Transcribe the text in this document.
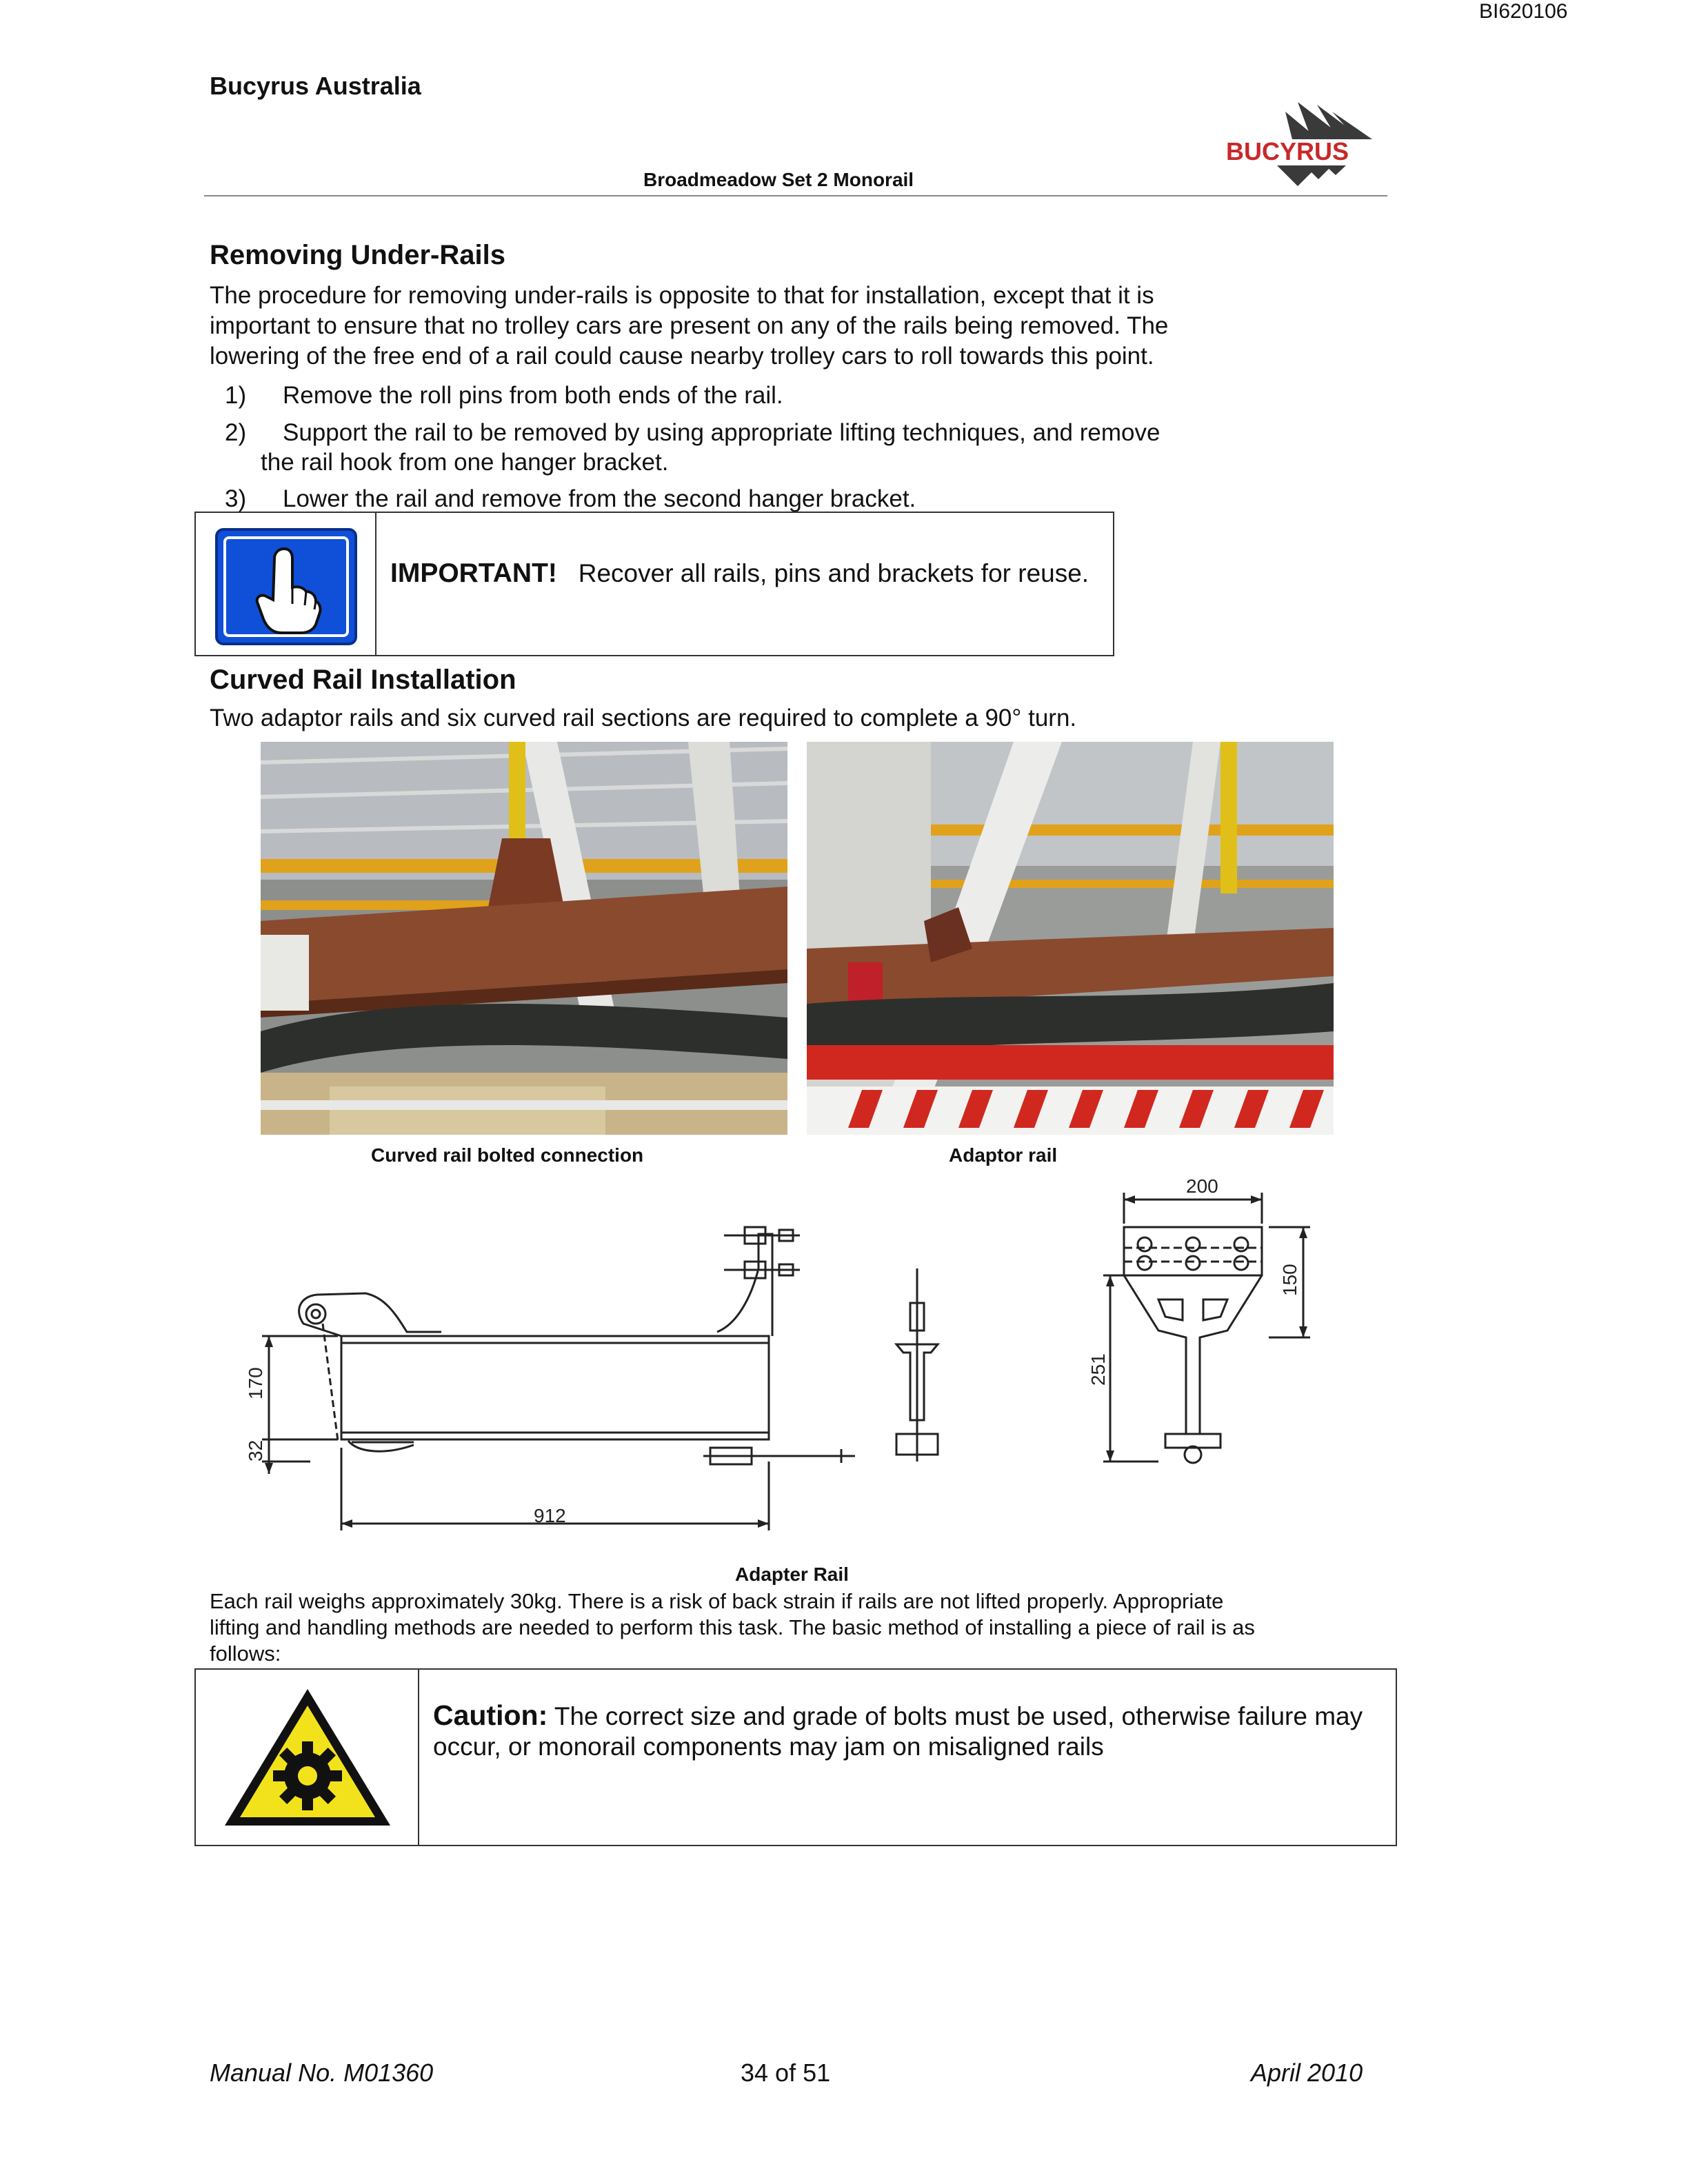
BI620106
Bucyrus Australia
Broadmeadow Set 2 Monorail
BUCYRUS
Removing Under-Rails
The procedure for removing under-rails is opposite to that for installation, except that it is
important to ensure that no trolley cars are present on any of the rails being removed. The
lowering of the free end of a rail could cause nearby trolley cars to roll towards this point.
1) Remove the roll pins from both ends of the rail.
2) Support the rail to be removed by using appropriate lifting techniques, and remove
the rail hook from one hanger bracket.
3) Lower the rail and remove from the second hanger bracket.
IMPORTANT! Recover all rails, pins and brackets for reuse.
Curved Rail Installation
Two adaptor rails and six curved rail sections are required to complete a 90° turn.
Curved rail bolted connection	Adaptor rail
170
32
912
200
150
251
Adapter Rail
Each rail weighs approximately 30kg. There is a risk of back strain if rails are not lifted properly. Appropriate
lifting and handling methods are needed to perform this task. The basic method of installing a piece of rail is as
follows:
Caution: The correct size and grade of bolts must be used, otherwise failure may
occur, or monorail components may jam on misaligned rails
Manual No. M01360	34 of 51	April 2010
